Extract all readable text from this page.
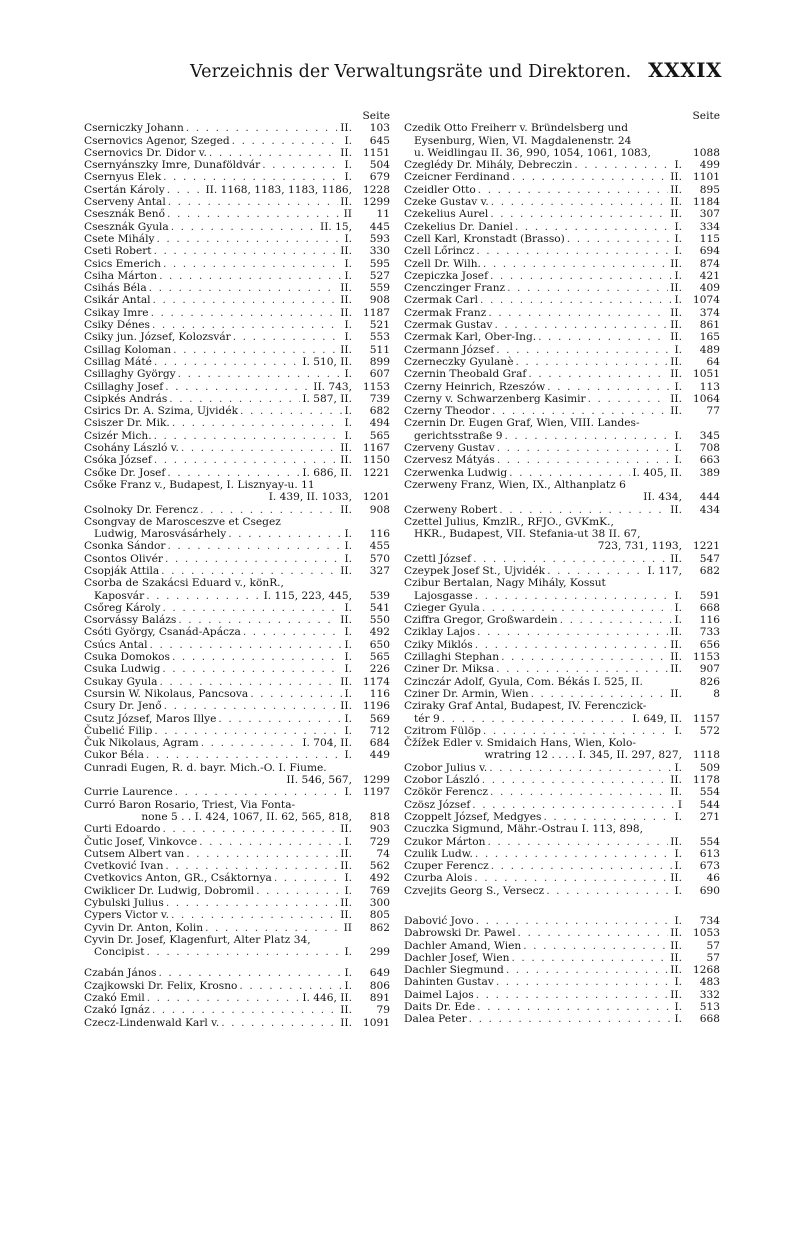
Verzeichnis der Verwaltungsräte und Direktoren. XXXIX
Seite
Cserniczky Johann . . .	II.	103
Csernovics Agenor, Szeged . . .	I.	645
Csernovics Dr. Didor v. . . .	II.	1151
Csernyánszky Imre, Dunaföldvár . . .	I.	504
Csernyus Elek . . .	I.	679
Csertán Károly . . .	II. 1168, 1183, 1183, 1186,	1228
Cserveny Antal . . .	II.	1299
Csesznák Benő . . .	II	11
Csesznák Gyula . . .	II. 15,	445
Csete Mihály . . .	I.	593
Cseti Robert . . .	II.	330
Csics Emerich . . .	I.	595
Csiha Márton . . .	I.	527
Csihás Béla . . .	II.	559
Csikár Antal . . .	II.	908
Csikay Imre . . .	II.	1187
Csiky Dénes . . .	I.	521
Csiky jun. József, Kolozsvár . . .	I.	553
Csillag Koloman . . .	II.	511
Csillag Máté . . .	I. 510, II.	899
Csillaghy György . . .	I.	607
Csillaghy Josef . . .	II. 743,	1153
Csipkés András . . .	I. 587, II.	739
Csirics Dr. A. Szima, Ujvidék . . .	I.	682
Csiszer Dr. Mik. . . .	I.	494
Csizér Mich. . . .	I.	565
Csohány László v. . . .	II.	1167
Csóka József . . .	II.	1150
Csőke Dr. Josef . . .	I. 686, II.	1221
Csőke Franz v., Budapest, I. Lisznyay-u. 11
I. 439, II. 1033,	1201
Csolnoky Dr. Ferencz . . .	II.	908
Csongvay de Marosceszve et Csegez
Ludwig, Marosvásárhely . . .	I.	116
Csonka Sándor . . .	I.	455
Csontos Olivér . . .	I.	570
Csopják Attila . . .	II.	327
Csorba de Szakácsi Eduard v., könR.,
Kaposvár . . .	I. 115, 223, 445,	539
Csőreg Károly . . .	I.	541
Csorvássy Balázs . . .	II.	550
Csóti György, Csanád-Apácza . . .	I.	492
Csúcs Antal . . .	I.	650
Csuka Domokos . . .	I.	565
Csuka Ludwig . . .	I.	226
Csukay Gyula . . .	II.	1174
Csursin W. Nikolaus, Pancsova . . .	I.	116
Csury Dr. Jenő . . .	II.	1196
Csutz József, Maros Illye . . .	I.	569
Čubelić Filip . . .	I.	712
Čuk Nikolaus, Agram . . .	I. 704, II.	684
Cukor Béla . . .	I.	449
Cunradi Eugen, R. d. bayr. Mich.-O. I. Fiume.
II. 546, 567,	1299
Currie Laurence . . .	I.	1197
Curró Baron Rosario, Triest, Via Fonta-
none 5 . . I. 424, 1067, II. 62, 565, 818,	818
Curti Edoardo . . .	II.	903
Čutic Josef, Vinkovce . . .	I.	729
Cutsem Albert van . . .	II.	74
Cvetković Ivan . . .	II.	562
Cvetkovics Anton, GR., Csáktornya . . .	I.	492
Cwiklicer Dr. Ludwig, Dobromil . . .	I.	769
Cybulski Julius . . .	II.	300
Cypers Victor v. . . .	II.	805
Cyvin Dr. Anton, Kolin . . .	II	862
Cyvin Dr. Josef, Klagenfurt, Alter Platz 34,
Concipist . . .	I.	299
Czabán János . . .	I.	649
Czajkowski Dr. Felix, Krosno . . .	I.	806
Czakó Emil . . .	I. 446, II.	891
Czakó Ignáz . . .	II.	79
Czecz-Lindenwald Karl v. . . .	II.	1091
Seite
Czedik Otto Freiherr v. Bründelsberg und
Eysenburg, Wien, VI. Magdalenenstr. 24
u. Weidlingau II. 36, 990, 1054, 1061, 1083,	1088
Czeglédy Dr. Mihály, Debreczin . . .	I.	499
Czeicner Ferdinand . . .	II.	1101
Czeidler Otto . . .	II.	895
Czeke Gustav v. . . .	II.	1184
Czekelius Aurel . . .	II.	307
Czekelius Dr. Daniel . . .	I.	334
Czell Karl, Kronstadt (Brasso) . . .	I.	115
Czell Lőrincz . . .	I.	694
Czell Dr. Wilh. . . .	II.	874
Czepiczka Josef . . .	I.	421
Czenczinger Franz . . .	II.	409
Czermak Carl . . .	I.	1074
Czermak Franz . . .	II.	374
Czermak Gustav . . .	II.	861
Czermak Karl, Ober-Ing. . . .	II.	165
Czermann József . . .	I.	489
Czerneczky Gyulanè . . .	II.	64
Czernin Theobald Graf . . .	II.	1051
Czerny Heinrich, Rzeszów . . .	I.	113
Czerny v. Schwarzenberg Kasimir . . .	II.	1064
Czerny Theodor . . .	II.	77
Czernin Dr. Eugen Graf, Wien, VIII. Landes-
gerichtsstraße 9 . . .	I.	345
Czerveny Gustav . . .	I.	708
Czervesz Mátyás . . .	I.	663
Czerwenka Ludwig . . .	I. 405, II.	389
Czerweny Franz, Wien, IX., Althanplatz 6
II. 434,	444
Czerweny Robert . . .	II.	434
Czettel Julius, KmzlR., RFJO., GVKmK.,
HKR., Budapest, VII. Stefania-ut 38 II. 67,
723, 731, 1193,	1221
Czettl József . . .	II.	547
Czeypek Josef St., Ujvidék . . .	I. 117,	682
Czibur Bertalan, Nagy Mihály, Kossut
Lajosgasse . . .	I.	591
Czieger Gyula . . .	I.	668
Cziffra Gregor, Großwardein . . .	I.	116
Cziklay Lajos . . .	II.	733
Cziky Miklós . . .	II.	656
Czillaghi Stephan . . .	II.	1153
Cziner Dr. Miksa . . .	II.	907
Czinczár Adolf, Gyula, Com. Békás I. 525, II.	826
Cziner Dr. Armin, Wien . . .	II.	8
Cziraky Graf Antal, Budapest, IV. Ferenczick-
tér 9 . . .	I. 649, II.	1157
Czitrom Fülöp . . .	I.	572
Čžížek Edler v. Smidaich Hans, Wien, Kolo-
wratring 12 . . . . I. 345, II. 297, 827,	1118
Czobor Julius v. . . .	I.	509
Czobor László . . .	II.	1178
Czökör Ferencz . . .	II.	554
Czösz József . . .	I	544
Czoppelt József, Medgyes . . .	I.	271
Czuczka Sigmund, Mähr.-Ostrau I. 113, 898,
Czukor Márton . . .	II.	554
Czulik Ludw. . . .	I.	613
Czuper Ferencz . . .	I.	673
Czurba Alois . . .	II.	46
Czvejits Georg S., Versecz . . .	I.	690
Dabović Jovo . . .	I.	734
Dabrowski Dr. Pawel . . .	II.	1053
Dachler Amand, Wien . . .	II.	57
Dachler Josef, Wien . . .	II.	57
Dachler Siegmund . . .	II.	1268
Dahinten Gustav . . .	I.	483
Daimel Lajos . . .	II.	332
Daits Dr. Ede . . .	I.	513
Dalea Peter . . .	I.	668
